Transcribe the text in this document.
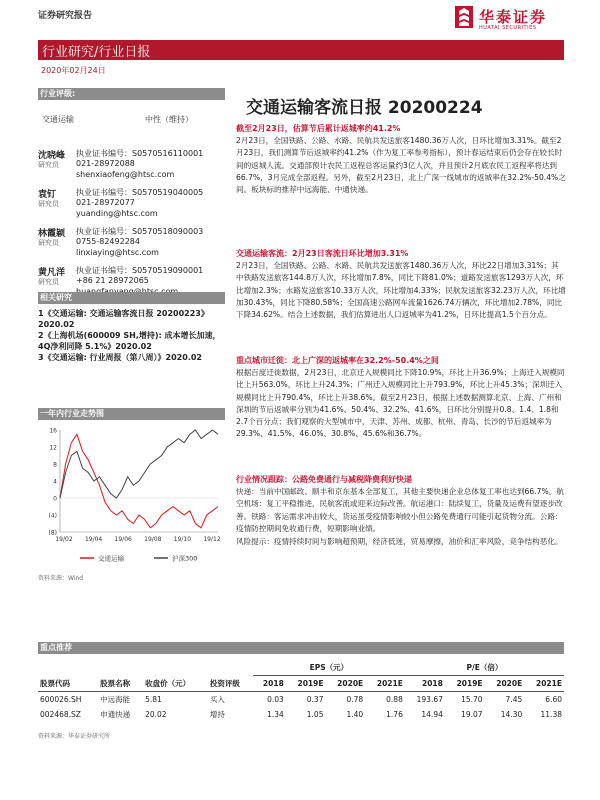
证券研究报告	华泰证券
HUATAI SECURITIES
行业研究/行业日报
2020年02月24日
行业评级:
交通运输	中性（维持）
沈晓峰
研究员
执业证书编号：S0570516110001
021-28972088
shenxiaofeng@htsc.com
袁钉
研究员
执业证书编号：S0570519040005
021-28972077
yuanding@htsc.com
林霞颖
研究员
执业证书编号：S0570518090003
0755-82492284
linxiaying@htsc.com
黄凡洋
研究员
执业证书编号：S0570519090001
+86 21 28972065
相关研究

1《交通运输: 交通运输客流日报 20200223》2020.02

2《上海机场(600009 SH,增持): 成本增长加速，4Q净利同降 5.1%》2020.02

3《交通运输: 行业周报（第八周）》2020.02

一年内行业走势图
16
12
8
4
0
(4)
(8)
19/02 19/04 19/06 19/08 19/10 19/12
交通运输	沪深300
资料来源：Wind
交通运输客流日报 20200224
截至2月23日，估算节后累计返城率约41.2%
2月23日，全国铁路、公路、水路、民航共发送旅客1480.36万人次，日环比增加3.31%。截至2月23日，我们测算节后返城率约41.2%（作为复工率参考指标），预计春运结束后仍会存在较长时间的返城人流。交通部预计农民工返程总客运量约3亿人次，并且预计2月底农民工返程率将达到66.7%，3月完成全部返程。另外，截至2月23日，北上广深一线城市的返城率在32.2%-50.4%之间。板块标的推荐中远海能、中通快递。
交通运输客流：2月23日客流日环比增加3.31%
2月23日，全国铁路、公路、水路、民航共发送旅客1480.36万人次，环比22日增加3.31%；其中铁路发送旅客144.8万人次，环比增加7.8%，同比下降81.0%；道路发送旅客1293万人次，环比增加2.3%；水路发送旅客10.33万人次，环比增加4.33%；民航发送旅客32.23万人次，环比增加30.43%，同比下降80.58%；全国高速公路网车流量1626.74万辆次，环比增加2.78%，同比下降34.62%。结合上述数据，我们估算进出人口返城率为41.2%，日环比提高1.5个百分点。
重点城市迁徙：北上广深的返城率在32.2%-50.4%之间
根据百度迁徙数据，2月23日，北京迁入规模同比下降10.9%，环比上升36.9%；上海迁入规模同比上升563.0%，环比上升24.3%；广州迁入规模同比上升793.9%，环比上升45.3%；深圳迁入规模同比上升790.4%，环比上升38.6%。截至2月23日，根据上述数据测算北京、上海、广州和深圳的节后返城率分别为41.6%、50.4%、32.2%、41.6%，日环比分别提升0.8、1.4、1.8和2.7个百分点；我们观察的大型城市中，天津、苏州、成都、杭州、青岛、长沙的节后返城率为29.3%、41.5%、46.0%、30.8%、45.6%和36.7%。
行业情况跟踪：公路免费通行与减税降费利好快递
快递：当前中国邮政、顺丰和京东基本全部复工，其他主要快递企业总体复工率也达到66.7%。航空机场：复工平稳推进，民航客流或迎来边际改善。航运港口：陆续复工，货量及运费有望逐步改善。铁路：客运需求冲击较大，货运虽受疫情影响较小但公路免费通行可能引起货物分流。公路：疫情防控期间免收通行费，短期影响业绩。
风险提示：疫情持续时间与影响超预期，经济低迷，贸易摩擦，油价和汇率风险，竞争结构恶化。
重点推荐
				EPS（元）				P/E（倍）			
股票代码	股票名称	收盘价（元）	投资评级	2018	2019E	2020E	2021E	2018	2019E	2020E	2021E
600026.SH	中远海能	5.81	买入	0.03	0.37	0.78	0.88	193.67	15.70	7.45	6.60
002468.SZ	申通快递	20.02	增持	1.34	1.05	1.40	1.76	14.94	19.07	14.30	11.38
资料来源：华泰证券研究所
